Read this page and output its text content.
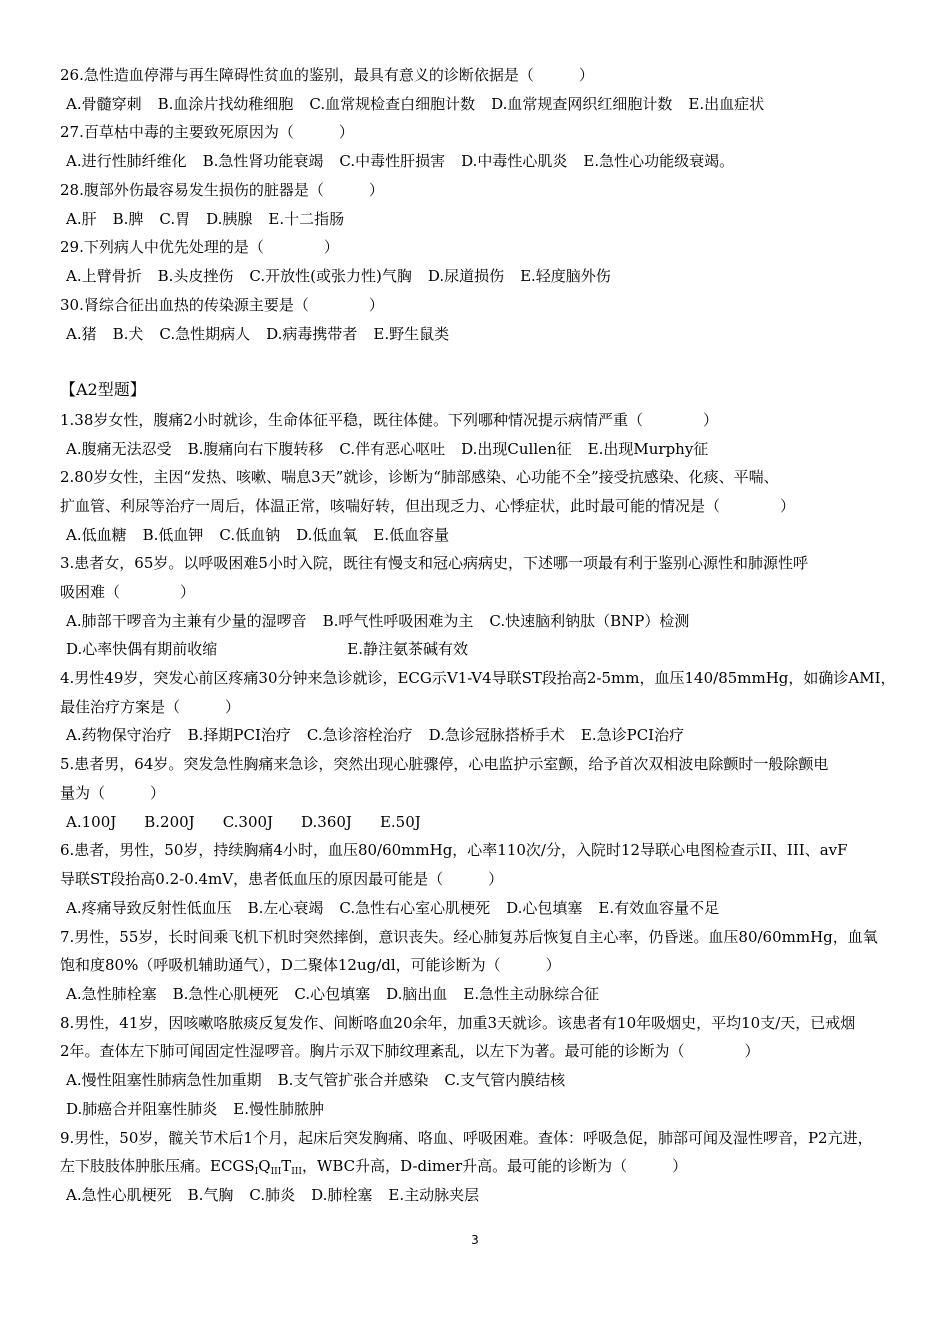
26.急性造血停滞与再生障碍性贫血的鉴别，最具有意义的诊断依据是（　　　）
A.骨髓穿刺 B.血涂片找幼稚细胞 C.血常规检查白细胞计数 D.血常规查网织红细胞计数 E.出血症状
27.百草枯中毒的主要致死原因为（　　　）
A.进行性肺纤维化 B.急性肾功能衰竭 C.中毒性肝损害 D.中毒性心肌炎 E.急性心功能级衰竭。
28.腹部外伤最容易发生损伤的脏器是（　　　）
A.肝 B.脾 C.胃 D.胰腺 E.十二指肠
29.下列病人中优先处理的是（　　　　）
A.上臂骨折 B.头皮挫伤 C.开放性(或张力性)气胸 D.尿道损伤 E.轻度脑外伤
30.肾综合征出血热的传染源主要是（　　　　）
A.猪 B.犬 C.急性期病人 D.病毒携带者 E.野生鼠类
【A2型题】
1.38岁女性，腹痛2小时就诊，生命体征平稳，既往体健。下列哪种情况提示病情严重（　　　　）
A.腹痛无法忍受 B.腹痛向右下腹转移 C.伴有恶心呕吐 D.出现Cullen征 E.出现Murphy征
2.80岁女性，主因“发热、咳嗽、喘息3天”就诊，诊断为“肺部感染、心功能不全”接受抗感染、化痰、平喘、
扩血管、利尿等治疗一周后，体温正常，咳喘好转，但出现乏力、心悸症状，此时最可能的情况是（　　　　）
A.低血糖 B.低血钾 C.低血钠 D.低血氧 E.低血容量
3.患者女，65岁。以呼吸困难5小时入院，既往有慢支和冠心病病史，下述哪一项最有利于鉴别心源性和肺源性呼
吸困难（　　　　）
A.肺部干啰音为主兼有少量的湿啰音 B.呼气性呼吸困难为主 C.快速脑利钠肽（BNP）检测
D.心率快偶有期前收缩	E.静注氨茶碱有效
4.男性49岁，突发心前区疼痛30分钟来急诊就诊，ECG示V1-V4导联ST段抬高2-5mm，血压140/85mmHg，如确诊AMI，
最佳治疗方案是（　　　）
A.药物保守治疗 B.择期PCI治疗 C.急诊溶栓治疗 D.急诊冠脉搭桥手术 E.急诊PCI治疗
5.患者男，64岁。突发急性胸痛来急诊，突然出现心脏骤停，心电监护示室颤，给予首次双相波电除颤时一般除颤电
量为（　　　）
A.100J B.200J C.300J D.360J E.50J
6.患者，男性，50岁，持续胸痛4小时，血压80/60mmHg，心率110次/分，入院时12导联心电图检查示II、III、avF
导联ST段抬高0.2-0.4mV，患者低血压的原因最可能是（　　　）
A.疼痛导致反射性低血压 B.左心衰竭 C.急性右心室心肌梗死 D.心包填塞 E.有效血容量不足
7.男性，55岁，长时间乘飞机下机时突然摔倒，意识丧失。经心肺复苏后恢复自主心率，仍昏迷。血压80/60mmHg，血氧
饱和度80%（呼吸机辅助通气），D二聚体12ug/dl，可能诊断为（　　　）
A.急性肺栓塞 B.急性心肌梗死 C.心包填塞 D.脑出血 E.急性主动脉综合征
8.男性，41岁，因咳嗽咯脓痰反复发作、间断咯血20余年，加重3天就诊。该患者有10年吸烟史，平均10支/天，已戒烟
2年。查体左下肺可闻固定性湿啰音。胸片示双下肺纹理紊乱，以左下为著。最可能的诊断为（　　　　）
A.慢性阻塞性肺病急性加重期 B.支气管扩张合并感染 C.支气管内膜结核
D.肺癌合并阻塞性肺炎 E.慢性肺脓肿
9.男性，50岁，髋关节术后1个月，起床后突发胸痛、咯血、呼吸困难。查体：呼吸急促，肺部可闻及湿性啰音，P2亢进，
左下肢肢体肿胀压痛。$ECGS_IQ_{III}T_{III}$，WBC升高，D-dimer升高。最可能的诊断为（　　　）
A.急性心肌梗死 B.气胸 C.肺炎 D.肺栓塞 E.主动脉夹层
3
